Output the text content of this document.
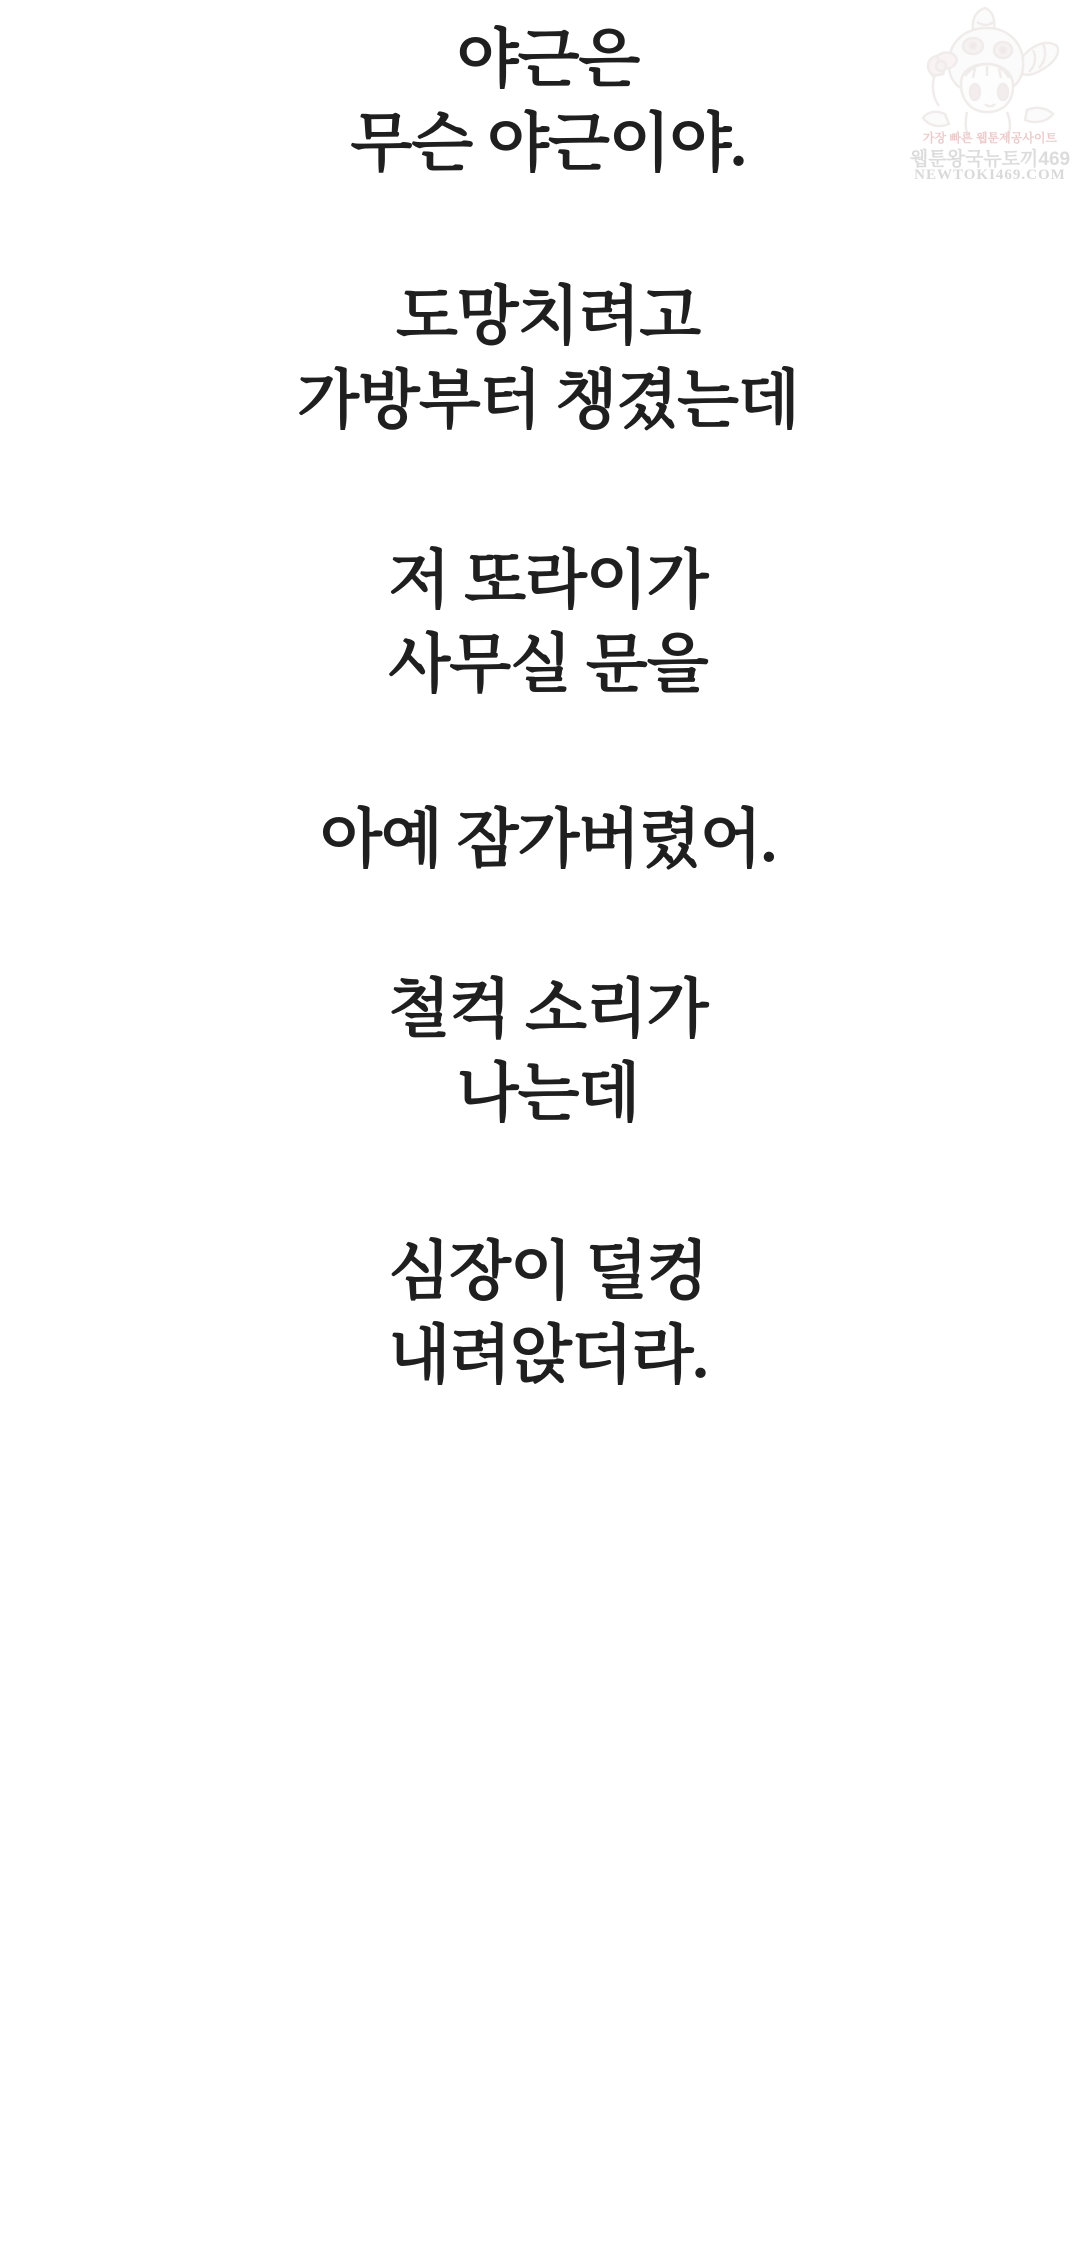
가장 빠른 웹툰제공사이트
웹툰왕국뉴토끼469
NEWTOKI469.COM
야근은
무슨 야근이야.
도망치려고
가방부터 챙겼는데
저 또라이가
사무실 문을
아예 잠가버렸어.
철컥 소리가
나는데
심장이 덜컹
내려앉더라.
